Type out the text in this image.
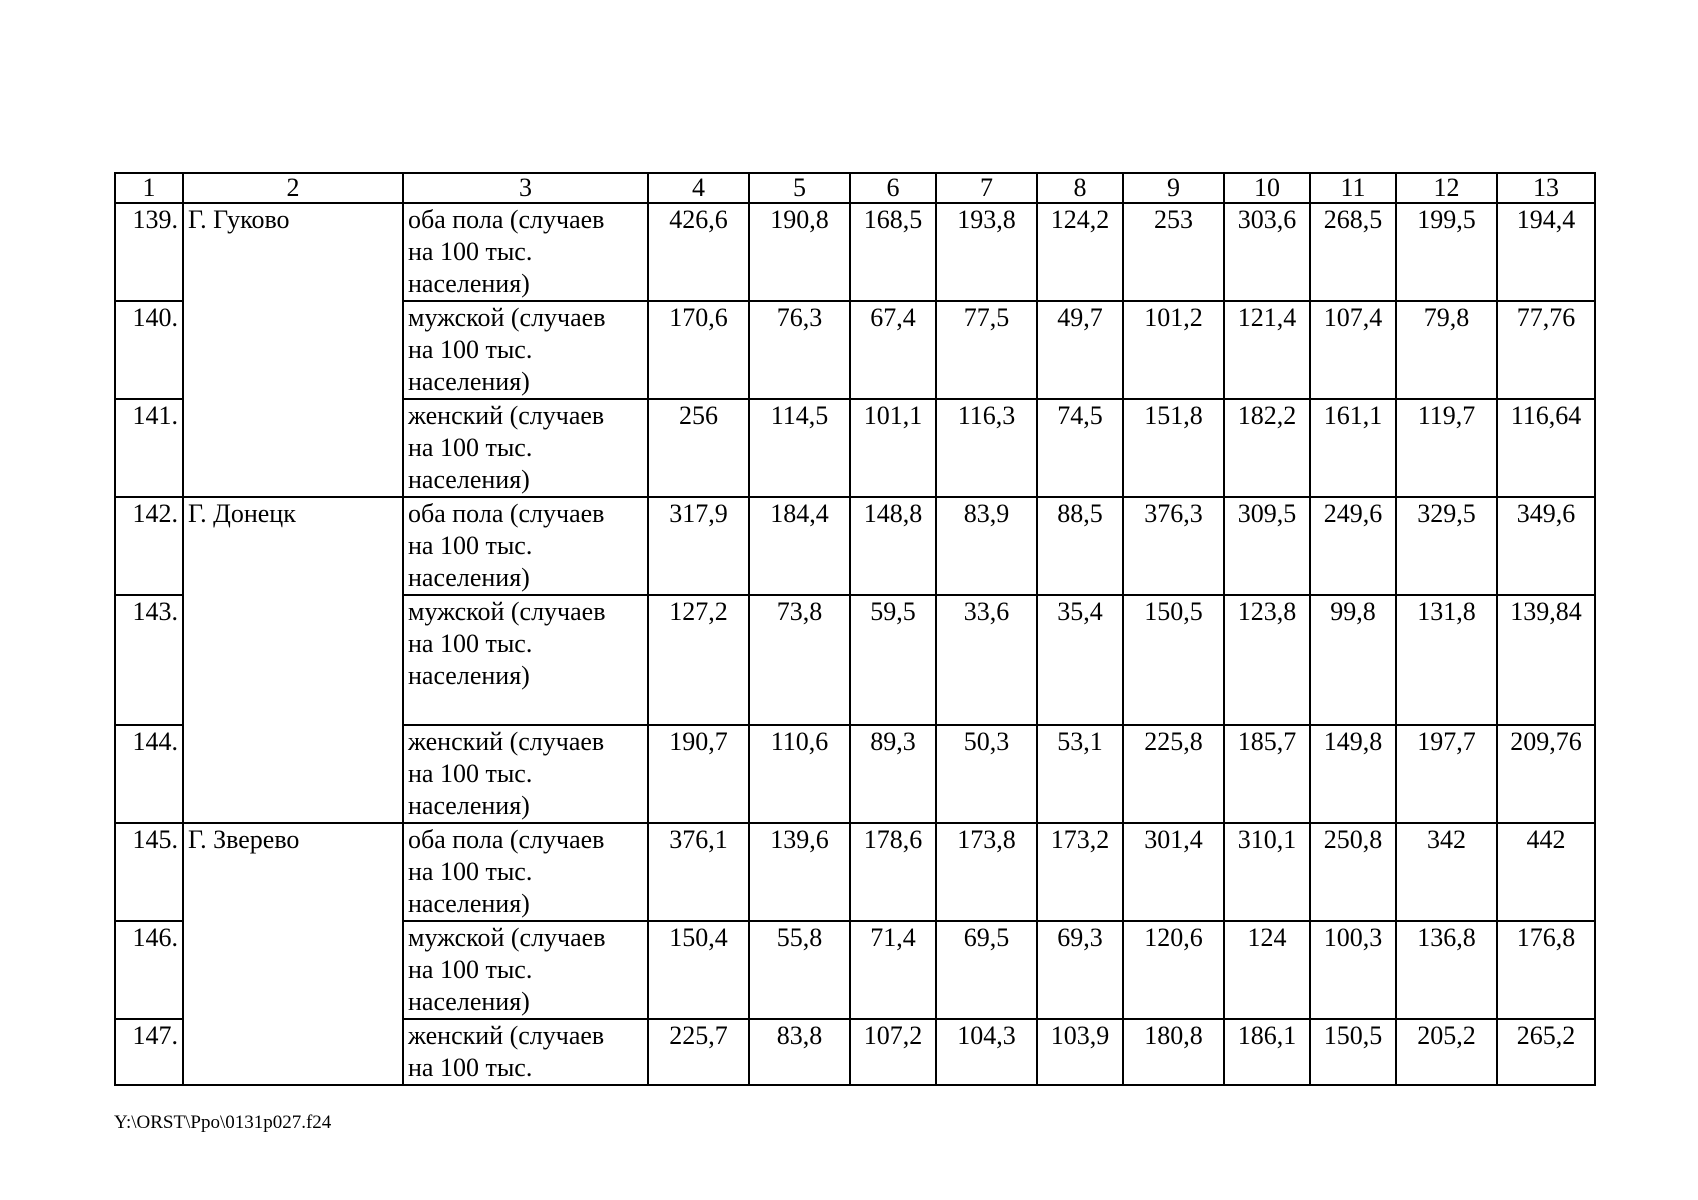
1	2	3	4	5	6	7	8	9	10	11	12	13
139.	Г. Гуково	оба пола (случаев
на 100 тыс.
населения)	426,6	190,8	168,5	193,8	124,2	253	303,6	268,5	199,5	194,4
140.		мужской (случаев
на 100 тыс.
населения)	170,6	76,3	67,4	77,5	49,7	101,2	121,4	107,4	79,8	77,76
141.		женский (случаев
на 100 тыс.
населения)	256	114,5	101,1	116,3	74,5	151,8	182,2	161,1	119,7	116,64
142.	Г. Донецк	оба пола (случаев
на 100 тыс.
населения)	317,9	184,4	148,8	83,9	88,5	376,3	309,5	249,6	329,5	349,6
143.		мужской (случаев
на 100 тыс.
населения)	127,2	73,8	59,5	33,6	35,4	150,5	123,8	99,8	131,8	139,84
144.		женский (случаев
на 100 тыс.
населения)	190,7	110,6	89,3	50,3	53,1	225,8	185,7	149,8	197,7	209,76
145.	Г. Зверево	оба пола (случаев
на 100 тыс.
населения)	376,1	139,6	178,6	173,8	173,2	301,4	310,1	250,8	342	442
146.		мужской (случаев
на 100 тыс.
населения)	150,4	55,8	71,4	69,5	69,3	120,6	124	100,3	136,8	176,8
147.		женский (случаев
на 100 тыс.	225,7	83,8	107,2	104,3	103,9	180,8	186,1	150,5	205,2	265,2
Y:\ORST\Ppo\0131p027.f24
